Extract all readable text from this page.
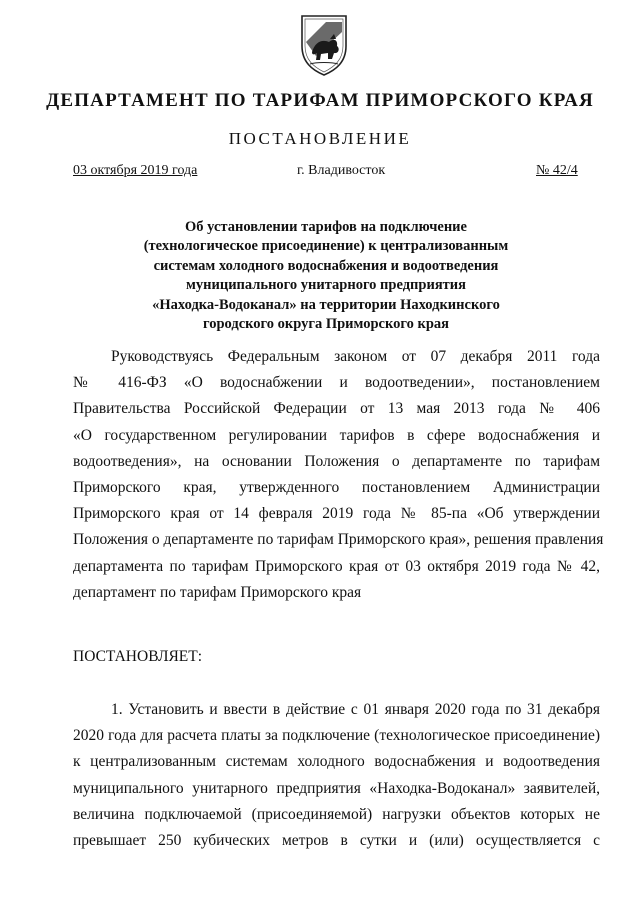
ДЕПАРТАМЕНТ ПО ТАРИФАМ ПРИМОРСКОГО КРАЯ
ПОСТАНОВЛЕНИЕ
03 октября 2019 года	г. Владивосток	№ 42/4
Об установлении тарифов на подключение
(технологическое присоединение) к централизованным
системам холодного водоснабжения и водоотведения
муниципального унитарного предприятия
«Находка-Водоканал» на территории Находкинского
городского округа Приморского края
Руководствуясь Федеральным законом от 07 декабря 2011 года
№ 416-ФЗ «О водоснабжении и водоотведении», постановлением
Правительства Российской Федерации от 13 мая 2013 года № 406
«О государственном регулировании тарифов в сфере водоснабжения и
водоотведения», на основании Положения о департаменте по тарифам
Приморского края, утвержденного постановлением Администрации
Приморского края от 14 февраля 2019 года № 85-па «Об утверждении
Положения о департаменте по тарифам Приморского края», решения правления
департамента по тарифам Приморского края от 03 октября 2019 года № 42,
департамент по тарифам Приморского края
ПОСТАНОВЛЯЕТ:
1. Установить и ввести в действие с 01 января 2020 года по 31 декабря
2020 года для расчета платы за подключение (технологическое присоединение)
к централизованным системам холодного водоснабжения и водоотведения
муниципального унитарного предприятия «Находка-Водоканал» заявителей,
величина подключаемой (присоединяемой) нагрузки объектов которых не
превышает 250 кубических метров в сутки и (или) осуществляется с
